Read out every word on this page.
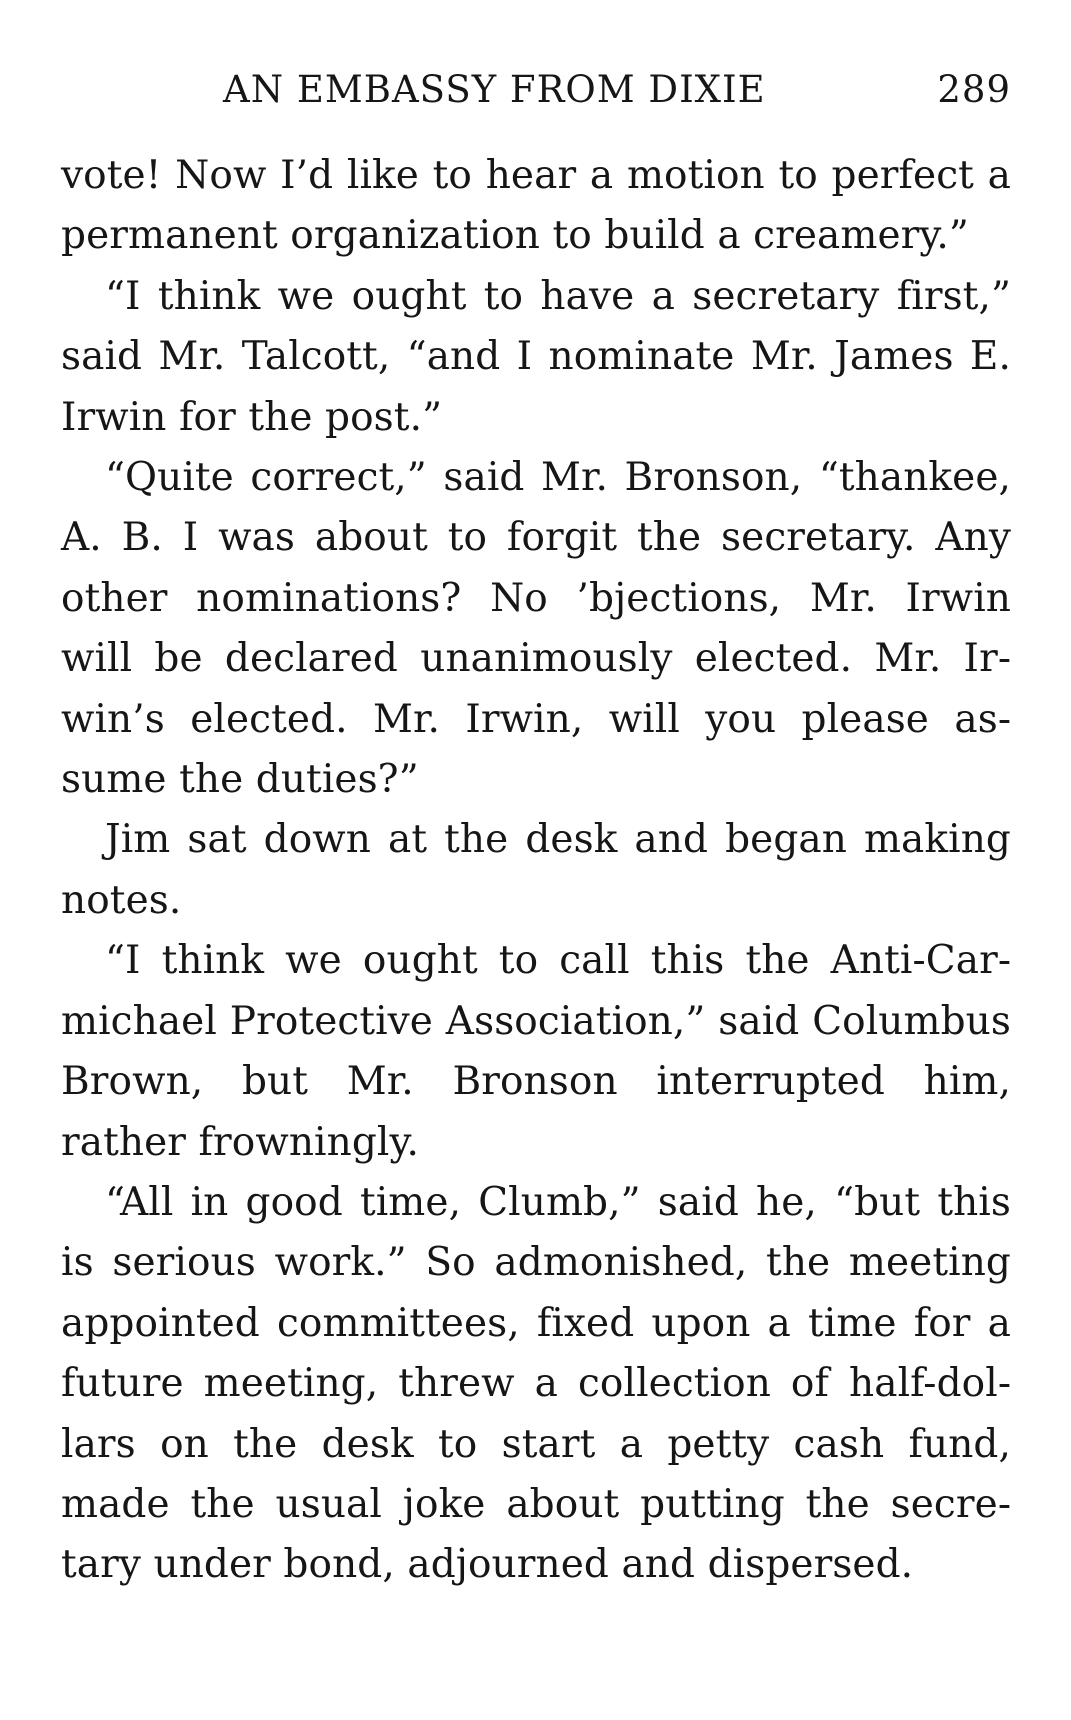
AN EMBASSY FROM DIXIE	289

vote! Now I’d like to hear a motion to perfect a permanent organization to build a creamery.”

“I think we ought to have a secretary first,” said Mr. Talcott, “and I nominate Mr. James E. Irwin for the post.”

“Quite correct,” said Mr. Bronson, “thankee, A. B. I was about to forgit the secretary. Any other nominations? No ’bjections, Mr. Irwin will be declared unanimously elected. Mr. Irwin’s elected. Mr. Irwin, will you please assume the duties?”

Jim sat down at the desk and began making notes.

“I think we ought to call this the Anti-Carmichael Protective Association,” said Columbus Brown, but Mr. Bronson interrupted him, rather frowningly.

“All in good time, Clumb,” said he, “but this is serious work.” So admonished, the meeting appointed committees, fixed upon a time for a future meeting, threw a collection of half-dollars on the desk to start a petty cash fund, made the usual joke about putting the secretary under bond, adjourned and dispersed.
